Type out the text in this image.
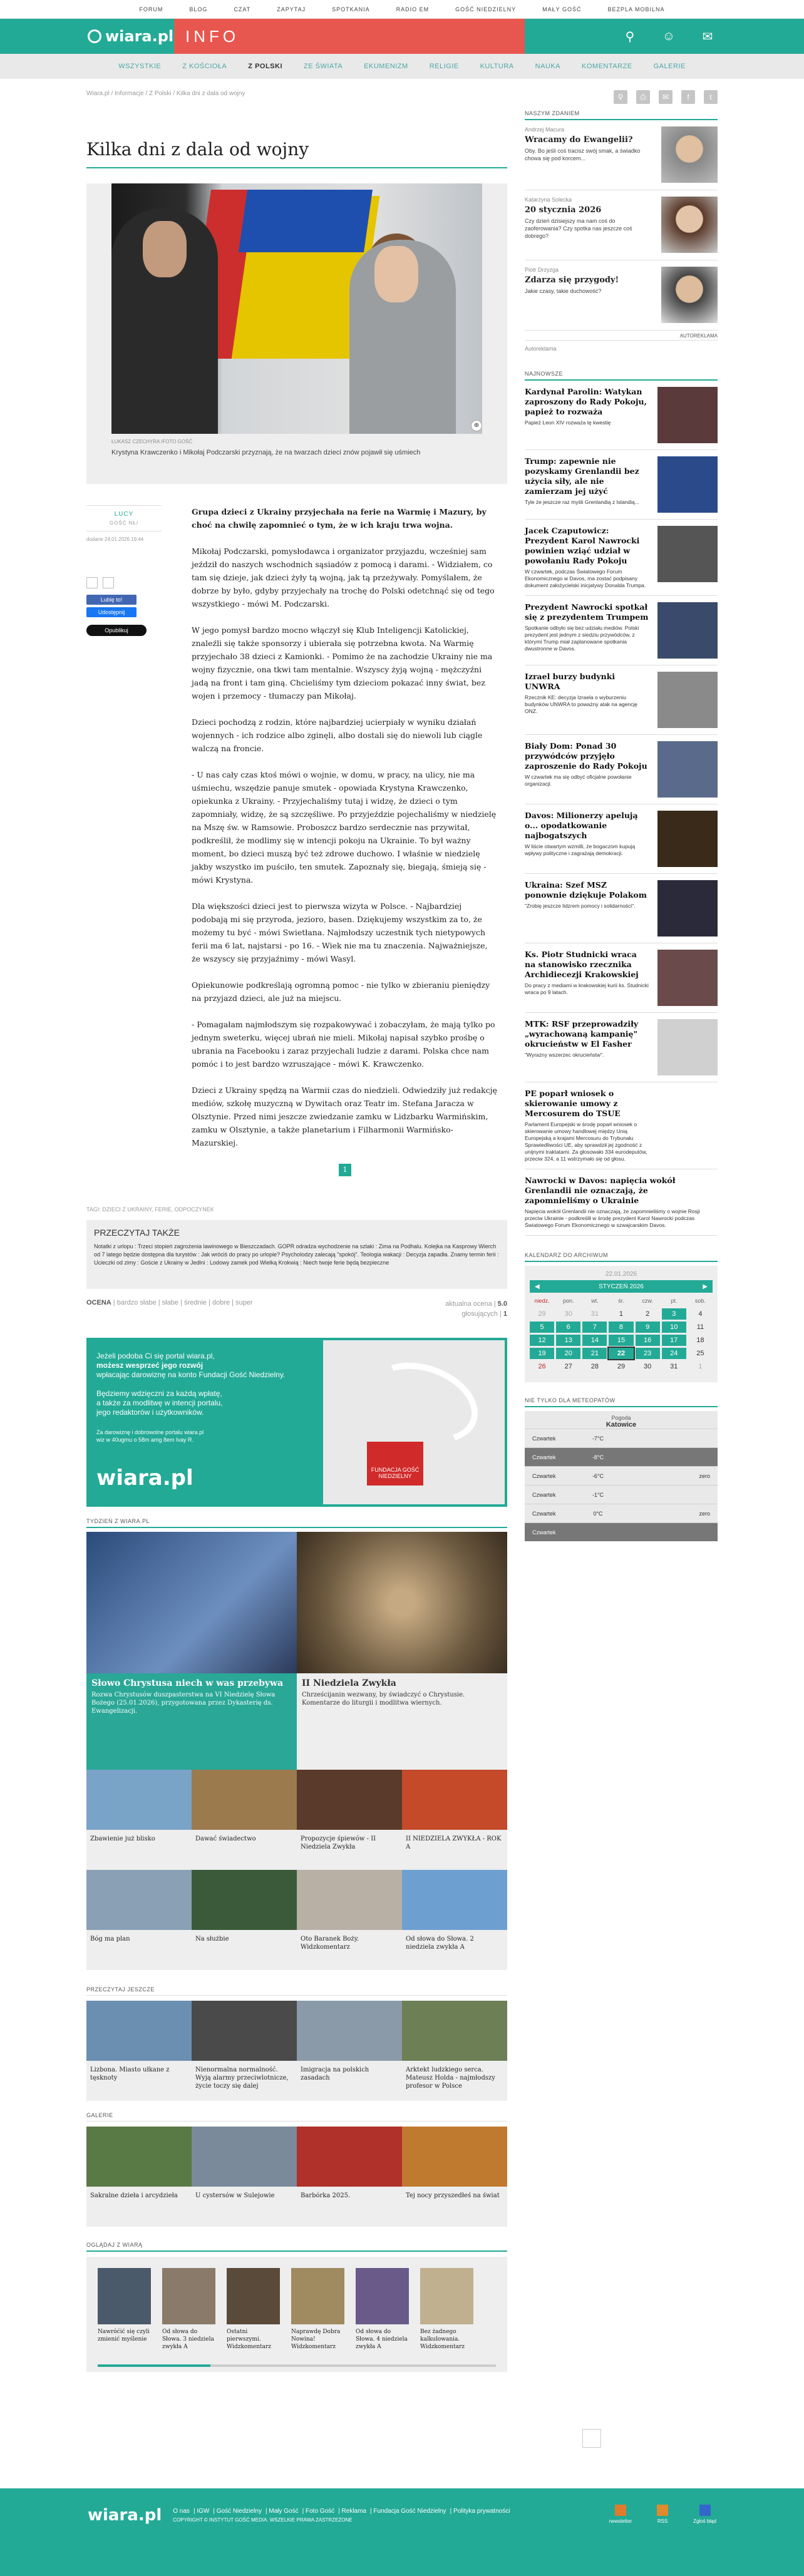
FORUM	BLOG	CZAT	ZAPYTAJ	SPOTKANIA	RADIO EM	GOŚĆ NIEDZIELNY	MAŁY GOŚĆ	BEZPLA MOBILNA
wiara.pl INFO	⚲	☺ ✉
WSZYSTKIE	Z KOŚCIOŁA	Z POLSKI	ZE ŚWIATA	EKUMENIZM	RELIGIE	KULTURA	NAUKA	KOMENTARZE	GALERIE
Wiara.pl / Informacje / Z Polski / Kilka dni z dala od wojny	⚲	⎙	✉	f	t
Kilka dni z dala od wojny
⊕
ŁUKASZ CZECHYRA /FOTO GOŚĆ
Krystyna Krawczenko i Mikołaj Podczarski przyznają, że na twarzach dzieci znów pojawił się uśmiech
LUCY
GOŚĆ NŁ/
dodane 24.01.2026 19:44
Lubię to!
Udostępnij
Opublikuj

Grupa dzieci z Ukrainy przyjechała na ferie na Warmię i Mazury, by choć na chwilę zapomnieć o tym, że w ich kraju trwa wojna.

Mikołaj Podczarski, pomysłodawca i organizator przyjazdu, wcześniej sam jeździł do naszych wschodnich sąsiadów z pomocą i darami. - Widziałem, co tam się dzieje, jak dzieci żyły tą wojną, jak tą przeżywały. Pomyślałem, że dobrze by było, gdyby przyjechały na trochę do Polski odetchnąć się od tego wszystkiego - mówi M. Podczarski.

W jego pomysł bardzo mocno włączył się Klub Inteligencji Katolickiej, znaleźli się także sponsorzy i ubierała się potrzebna kwota. Na Warmię przyjechało 38 dzieci z Kamionki. - Pomimo że na zachodzie Ukrainy nie ma wojny fizycznie, ona tkwi tam mentalnie. Wszyscy żyją wojną - mężczyźni jadą na front i tam giną. Chcieliśmy tym dzieciom pokazać inny świat, bez wojen i przemocy - tłumaczy pan Mikołaj.

Dzieci pochodzą z rodzin, które najbardziej ucierpiały w wyniku działań wojennych - ich rodzice albo zginęli, albo dostali się do niewoli lub ciągle walczą na froncie.

- U nas cały czas ktoś mówi o wojnie, w domu, w pracy, na ulicy, nie ma uśmiechu, wszędzie panuje smutek - opowiada Krystyna Krawczenko, opiekunka z Ukrainy. - Przyjechaliśmy tutaj i widzę, że dzieci o tym zapomniały, widzę, że są szczęśliwe. Po przyjeździe pojechaliśmy w niedzielę na Mszę św. w Ramsowie. Proboszcz bardzo serdecznie nas przywitał, podkreślił, że modlimy się w intencji pokoju na Ukrainie. To był ważny moment, bo dzieci muszą być też zdrowe duchowo. I właśnie w niedzielę jakby wszystko im puściło, ten smutek. Zapoznały się, biegają, śmieją się - mówi Krystyna.

Dla większości dzieci jest to pierwsza wizyta w Polsce. - Najbardziej podobają mi się przyroda, jezioro, basen. Dziękujemy wszystkim za to, że możemy tu być - mówi Swietłana. Najmłodszy uczestnik tych nietypowych ferii ma 6 lat, najstarsi - po 16. - Wiek nie ma tu znaczenia. Najważniejsze, że wszyscy się przyjaźnimy - mówi Wasyl.

Opiekunowie podkreślają ogromną pomoc - nie tylko w zbieraniu pieniędzy na przyjazd dzieci, ale już na miejscu.

- Pomagałam najmłodszym się rozpakowywać i zobaczyłam, że mają tylko po jednym sweterku, więcej ubrań nie mieli. Mikołaj napisał szybko prośbę o ubrania na Facebooku i zaraz przyjechali ludzie z darami. Polska chce nam pomóc i to jest bardzo wzruszające - mówi K. Krawczenko.

Dzieci z Ukrainy spędzą na Warmii czas do niedzieli. Odwiedziły już redakcję mediów, szkołę muzyczną w Dywitach oraz Teatr im. Stefana Jaracza w Olsztynie. Przed nimi jeszcze zwiedzanie zamku w Lidzbarku Warmińskim, zamku w Olsztynie, a także planetarium i Filharmonii Warmińsko-Mazurskiej.

1
TAGI: DZIECI Z UKRAINY, FERIE, ODPOCZYNEK
PRZECZYTAJ TAKŻE

Notatki z urlopu : Trzeci stopień zagrożenia lawinowego w Bieszczadach. GOPR odradza wychodzenie na szlaki : Zima na Podhalu. Kolejka na Kasprowy Wierch od 7 latego będzie dostępna dla turystów : Jak wróciś do pracy po urlopie? Psycholodzy zalecają "spokój". Teologia wakacji : Decyzja zapadła. Znamy termin ferii : Ucieczki od zimy : Goście z Ukrainy w Jedlni : Lodowy zamek pod Wielką Krokwią : Niech twoje ferie będą bezpieczne

OCENA | bardzo słabe | słabe | średnie | dobre | super	aktualna ocena | 5.0
głosujących | 1
Jeżeli podoba Ci się portal wiara.pl,
możesz wesprzeć jego rozwój
wpłacając darowiznę na konto Fundacji Gość Niedzielny.

Będziemy wdzięczni za każdą wpłatę,
a także za modlitwę w intencji portalu,
jego redaktorów i użytkowników.
Za darowiznę i dobrowolne portalu wiara.pl
wiz w 40ugmu o 58m amg 8em Ivay R.
wiara.pl	FUNDACJA GOŚĆ NIEDZIELNY
TYDZIEŃ Z WIARA.PL
Słowo Chrystusa niech w was przebywa

Rozwa Chrystusów duszpasterstwa na VI Niedzielę Słowa Bożego (25.01.2026), przygotowana przez Dykasterię ds. Ewangelizacji.

II Niedziela Zwykła

Chrześcijanin wezwany, by świadczyć o Chrystusie. Komentarze do liturgii i modlitwa wiernych.

Zbawienie już blisko	Dawać świadectwo	Propozycje śpiewów - II Niedziela Zwykła
II NIEDZIELA ZWYKŁA - ROK A
Bóg ma plan	Na służbie	Oto Baranek Boży. Widzkomentarz
Od słowa do Słowa. 2 niedziela zwykła A
PRZECZYTAJ JESZCZE
Lizbona. Miasto ułkane z tęsknoty
Nienormalna normalność. Wyją alarmy przeciwlotnicze, życie toczy się dalej
Imigracja na polskich zasadach
Arktekt ludzkiego serca. Mateusz Holda - najmłodszy profesor w Polsce
GALERIE
Sakralne dzieła i arcydzieła	U cystersów w Sulejowie	Barbórka 2025.	Tej nocy przyszedłeś na świat
OGLĄDAJ Z WIARĄ
Nawróćić się czyli zmienić myślenie
Od słowa do Słowa. 3 niedziela zwykła A
Ostatni pierwszymi. Widzkomentarz
Naprawdę Dobra Nowina! Widzkomentarz
Od słowa do Słowa. 4 niedziela zwykła A
Bez żadnego kalkulowania. Widzkomentarz
NASZYM ZDANIEM
Andrzej Macura
Wracamy do Ewangelii?

Oby. Bo jeśli coś tracisz swój smak, a świadko chowa się pod korcem...

Katarzyna Solecka
20 stycznia 2026

Czy dzień dzisiejszy ma nam coś do zaoferowania? Czy spotka nas jeszcze coś dobrego?

Piotr Drzyzga
Zdarza się przygody!

Jakie czasy, takie duchowość?

AUTOREKLAMA
Autoreklama
NAJNOWSZE
Kardynał Parolin: Watykan zaproszony do Rady Pokoju, papież to rozważa

Papież Leon XIV rozważa tę kwestię

Trump: zapewnie nie pozyskamy Grenlandii bez użycia siły, ale nie zamierzam jej użyć

Tyle że jeszcze raz myśli Grenlandią z Islandią...

Jacek Czaputowicz: Prezydent Karol Nawrocki powinien wziąć udział w powołaniu Rady Pokoju

W czwartek, podczas Światowego Forum Ekonomicznego w Davos, ma zostać podpisany dokument założycielski inicjatywy Donalda Trumpa.

Prezydent Nawrocki spotkał się z prezydentem Trumpem

Spotkanie odbyło się bez udziału mediów. Polski prezydent jest jednym z siedziu przywódców, z którymi Trump miał zaplanowane spotkania dwustronne w Davos.

Izrael burzy budynki UNWRA

Rzecznik KE: decyzja Izraela o wyburzeniu budynków UNWRA to poważny atak na agencję ONZ.

Biały Dom: Ponad 30 przywódców przyjęło zaproszenie do Rady Pokoju

W czwartek ma się odbyć oficjalne powołanie organizacji.

Davos: Milionerzy apelują o... opodatkowanie najbogatszych

W liście otwartym wzmilli, że bogaczom kupują wpływy polityczne i zagrażają demokracji.

Ukraina: Szef MSZ ponownie dziękuje Polakom

"Zrobię jeszcze lidzrem pomocy i solidarności".

Ks. Piotr Studnicki wraca na stanowisko rzecznika Archidiecezji Krakowskiej

Do pracy z mediami w krakowskiej kurii ks. Studnicki wraca po 9 latach.

MTK: RSF przeprowadziły „wyrachowaną kampanię" okrucieństw w El Fasher

"Wyrażny wszerzec okrucieństw".

PE poparł wniosek o skierowanie umowy z Mercosurem do TSUE

Parlament Europejski w środę poparł wniosek o skierowanie umowy handlowej między Unią Europejską a krajami Mercosuru do Trybunału Sprawiedliwości UE, aby sprawdził jej zgodność z unijnymi traktatami. Za głosowało 334 eurodeputów, przeciw 324, a 11 wstrzymało się od głosu.

Nawrocki w Davos: napięcia wokół Grenlandii nie oznaczają, że zapomnieliśmy o Ukrainie

Napięcia wokół Grenlandii nie oznaczają, że zapomnieliśmy o wojnie Rosji przeciw Ukrainie - podkreślił w środę prezydent Karol Nawrocki podczas Światowego Forum Ekonomicznego w szwajcarskim Davos.

KALENDARZ DO ARCHIWUM
22.01.2026
◀	STYCZEŃ 2026	▶
niedz.	pon.	wt.	śr.	czw.	pt.	sob.
29	30	31	1	2	3	4
5	6	7	8	9	10	11
12	13	14	15	16	17	18
19	20	21	22	23	24	25
26	27	28	29	30	31	1
NIE TYLKO DLA METEOPATÓW
Pogoda
Katowice
Czwartek	-7°C
Czwartek	-8°C
Czwartek	-6°C	zero
Czwartek	-1°C
Czwartek	0°C	zero
Czwartek
wiara.pl O nas | IGW | Gość Niedzielny | Mały Gość | Foto Gość | Reklama | Fundacja Gość Niedzielny | Polityka prywatności
COPYRIGHT © INSTYTUT GOŚĆ MEDIA. WSZELKIE PRAWA ZASTRZEŻONE	newsletter	RSS	Zgłoś błąd
